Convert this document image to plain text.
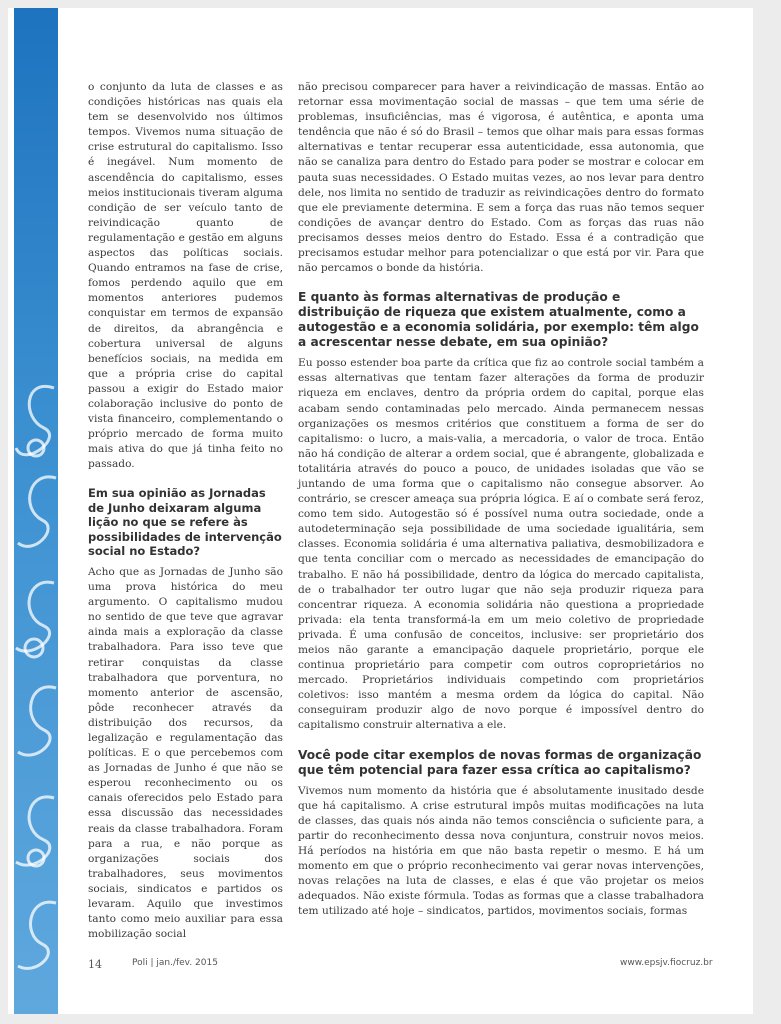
o conjunto da luta de classes e as condições históricas nas quais ela tem se desenvolvido nos últimos tempos. Vivemos numa situação de crise estrutural do capitalismo. Isso é inegável. Num momento de ascendência do capitalismo, esses meios institucionais tiveram alguma condição de ser veículo tanto de reivindicação quanto de regulamentação e gestão em alguns aspectos das políticas sociais. Quando entramos na fase de crise, fomos perdendo aquilo que em momentos anteriores pudemos conquistar em termos de expansão de direitos, da abrangência e cobertura universal de alguns benefícios sociais, na medida em que a própria crise do capital passou a exigir do Estado maior colaboração inclusive do ponto de vista financeiro, complementando o próprio mercado de forma muito mais ativa do que já tinha feito no passado.

Em sua opinião as Jornadas de Junho deixaram alguma lição no que se refere às possibilidades de intervenção social no Estado?

Acho que as Jornadas de Junho são uma prova histórica do meu argumento. O capitalismo mudou no sentido de que teve que agravar ainda mais a exploração da classe trabalhadora. Para isso teve que retirar conquistas da classe trabalhadora que porventura, no momento anterior de ascensão, pôde reconhecer através da distribuição dos recursos, da legalização e regulamentação das políticas. E o que percebemos com as Jornadas de Junho é que não se esperou reconhecimento ou os canais oferecidos pelo Estado para essa discussão das necessidades reais da classe trabalhadora. Foram para a rua, e não porque as organizações sociais dos trabalhadores, seus movimentos sociais, sindicatos e partidos os levaram. Aquilo que investimos tanto como meio auxiliar para essa mobilização social

não precisou comparecer para haver a reivindicação de massas. Então ao retornar essa movimentação social de massas – que tem uma série de problemas, insuficiências, mas é vigorosa, é autêntica, e aponta uma tendência que não é só do Brasil – temos que olhar mais para essas formas alternativas e tentar recuperar essa autenticidade, essa autonomia, que não se canaliza para dentro do Estado para poder se mostrar e colocar em pauta suas necessidades. O Estado muitas vezes, ao nos levar para dentro dele, nos limita no sentido de traduzir as reivindicações dentro do formato que ele previamente determina. E sem a força das ruas não temos sequer condições de avançar dentro do Estado. Com as forças das ruas não precisamos desses meios dentro do Estado. Essa é a contradição que precisamos estudar melhor para potencializar o que está por vir. Para que não percamos o bonde da história.

E quanto às formas alternativas de produção e distribuição de riqueza que existem atualmente, como a autogestão e a economia solidária, por exemplo: têm algo a acrescentar nesse debate, em sua opinião?

Eu posso estender boa parte da crítica que fiz ao controle social também a essas alternativas que tentam fazer alterações da forma de produzir riqueza em enclaves, dentro da própria ordem do capital, porque elas acabam sendo contaminadas pelo mercado. Ainda permanecem nessas organizações os mesmos critérios que constituem a forma de ser do capitalismo: o lucro, a mais-valia, a mercadoria, o valor de troca. Então não há condição de alterar a ordem social, que é abrangente, globalizada e totalitária através do pouco a pouco, de unidades isoladas que vão se juntando de uma forma que o capitalismo não consegue absorver. Ao contrário, se crescer ameaça sua própria lógica. E aí o combate será feroz, como tem sido. Autogestão só é possível numa outra sociedade, onde a autodeterminação seja possibilidade de uma sociedade igualitária, sem classes. Economia solidária é uma alternativa paliativa, desmobilizadora e que tenta conciliar com o mercado as necessidades de emancipação do trabalho. E não há possibilidade, dentro da lógica do mercado capitalista, de o trabalhador ter outro lugar que não seja produzir riqueza para concentrar riqueza. A economia solidária não questiona a propriedade privada: ela tenta transformá-la em um meio coletivo de propriedade privada. É uma confusão de conceitos, inclusive: ser proprietário dos meios não garante a emancipação daquele proprietário, porque ele continua proprietário para competir com outros coproprietários no mercado. Proprietários individuais competindo com proprietários coletivos: isso mantém a mesma ordem da lógica do capital. Não conseguiram produzir algo de novo porque é impossível dentro do capitalismo construir alternativa a ele.

Você pode citar exemplos de novas formas de organização que têm potencial para fazer essa crítica ao capitalismo?

Vivemos num momento da história que é absolutamente inusitado desde que há capitalismo. A crise estrutural impôs muitas modificações na luta de classes, das quais nós ainda não temos consciência o suficiente para, a partir do reconhecimento dessa nova conjuntura, construir novos meios. Há períodos na história em que não basta repetir o mesmo. E há um momento em que o próprio reconhecimento vai gerar novas intervenções, novas relações na luta de classes, e elas é que vão projetar os meios adequados. Não existe fórmula. Todas as formas que a classe trabalhadora tem utilizado até hoje – sindicatos, partidos, movimentos sociais, formas

14	Poli | jan./fev. 2015	www.epsjv.fiocruz.br
